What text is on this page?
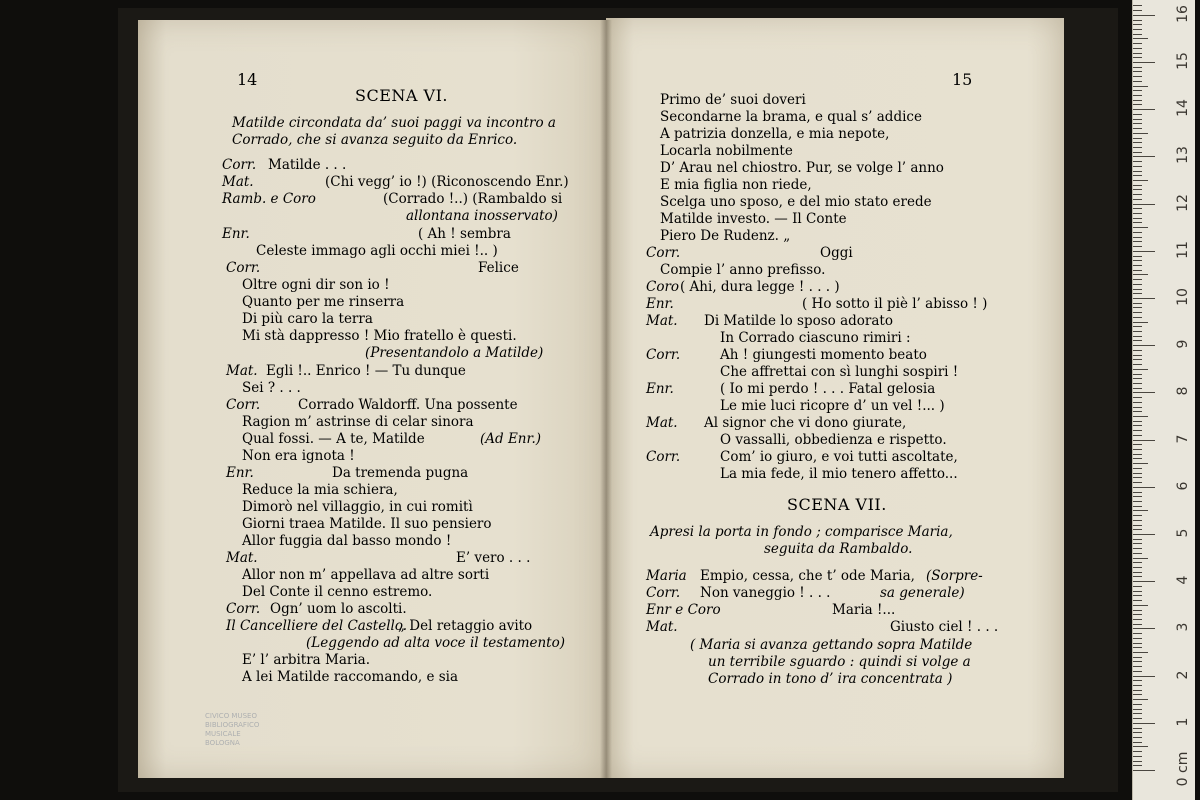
14
SCENA VI.
Matilde circondata da’ suoi paggi va incontro a
Corrado, che si avanza seguito da Enrico.
Corr. Matilde . . .
Mat.	(Chi vegg’ io !) (Riconoscendo Enr.)
Ramb. e Coro	(Corrado !..) (Rambaldo si
allontana inosservato)
Enr.	( Ah ! sembra
Celeste immago agli occhi miei !.. )
Corr.	Felice
Oltre ogni dir son io !
Quanto per me rinserra
Di più caro la terra
Mi stà dappresso ! Mio fratello è questi.
(Presentandolo a Matilde)
Mat. Egli !.. Enrico ! — Tu dunque
Sei ? . . .
Corr.	Corrado Waldorff. Una possente
Ragion m’ astrinse di celar sinora
Qual fossi. — A te, Matilde	(Ad Enr.)
Non era ignota !
Enr.	Da tremenda pugna
Reduce la mia schiera,
Dimorò nel villaggio, in cui romitì
Giorni traea Matilde. Il suo pensiero
Allor fuggia dal basso mondo !
Mat.	E’ vero . . .
Allor non m’ appellava ad altre sorti
Del Conte il cenno estremo.
Corr. Ogn’ uom lo ascolti.
Il Cancelliere del Castello.
„ Del retaggio avito
(Leggendo ad alta voce il testamento)
E’ l’ arbitra Maria.
A lei Matilde raccomando, e sia
CIVICO MUSEO
BIBLIOGRAFICO MUSICALE
BOLOGNA
15
Primo de’ suoi doveri
Secondarne la brama, e qual s’ addice
A patrizia donzella, e mia nepote,
Locarla nobilmente
D’ Arau nel chiostro. Pur, se volge l’ anno
E mia figlia non riede,
Scelga uno sposo, e del mio stato erede
Matilde investo. — Il Conte
Piero De Rudenz. „
Corr.	Oggi
Compie l’ anno prefisso.
Coro ( Ahi, dura legge ! . . . )
Enr.	( Ho sotto il piè l’ abisso ! )
Mat. Di Matilde lo sposo adorato
In Corrado ciascuno rimiri :
Corr.	Ah ! giungesti momento beato
Che affrettai con sì lunghi sospiri !
Enr.	( Io mi perdo ! . . . Fatal gelosia
Le mie luci ricopre d’ un vel !... )
Mat. Al signor che vi dono giurate,
O vassalli, obbedienza e rispetto.
Corr.	Com’ io giuro, e voi tutti ascoltate,
La mia fede, il mio tenero affetto...
SCENA VII.
Apresi la porta in fondo ; comparisce Maria,
seguita da Rambaldo.
Maria Empio, cessa, che t’ ode Maria, (Sorpre-
Corr. Non vaneggio ! . . .	sa generale)
Enr e Coro	Maria !...
Mat.	Giusto ciel ! . . .
( Maria si avanza gettando sopra Matilde
un terribile sguardo : quindi si volge a
Corrado in tono d’ ira concentrata )
0 cm
1
2
3
4
5
6
7
8
9
10
11
12
13
14
15
16
